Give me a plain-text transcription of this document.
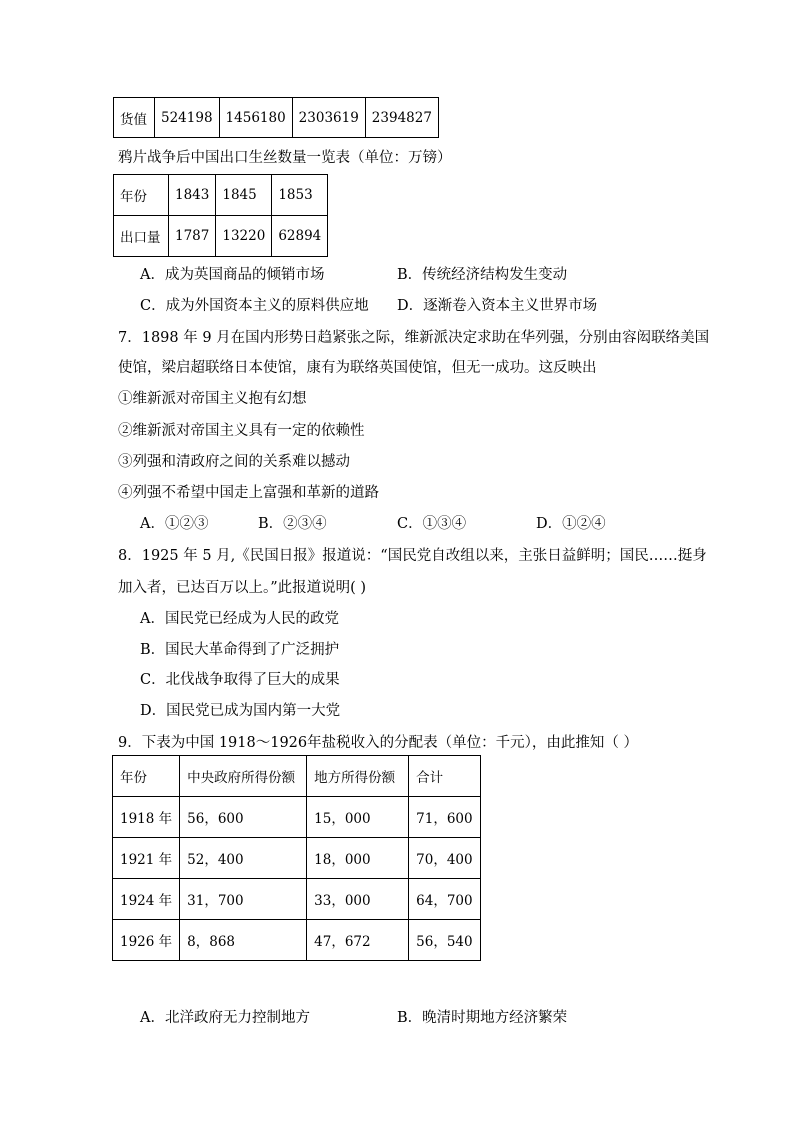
货值	524198	1456180	2303619	2394827
鸦片战争后中国出口生丝数量一览表（单位：万镑）
年份	1843	1845	1853
出口量	1787	13220	62894
A．成为英国商品的倾销市场	B．传统经济结构发生变动
C．成为外国资本主义的原料供应地 D．逐渐卷入资本主义世界市场
7．1898 年 9 月在国内形势日趋紧张之际，维新派决定求助在华列强，分别由容闳联络美国
使馆，梁启超联络日本使馆，康有为联络英国使馆，但无一成功。这反映出
①维新派对帝国主义抱有幻想
②维新派对帝国主义具有一定的依赖性
③列强和清政府之间的关系难以撼动
④列强不希望中国走上富强和革新的道路
A．①②③	B．②③④	C．①③④	D．①②④
8．1925 年 5 月,《民国日报》报道说：“国民党自改组以来，主张日益鲜明；国民……挺身
加入者，已达百万以上。”此报道说明( )
A．国民党已经成为人民的政党
B．国民大革命得到了广泛拥护
C．北伐战争取得了巨大的成果
D．国民党已成为国内第一大党
9．下表为中国 1918～1926年盐税收入的分配表（单位：千元），由此推知（ ）
年份	中央政府所得份额	地方所得份额	合计
1918 年	56，600	15，000	71，600
1921 年	52，400	18，000	70，400
1924 年	31，700	33，000	64，700
1926 年	8，868	47，672	56，540
A．北洋政府无力控制地方	B．晚清时期地方经济繁荣
